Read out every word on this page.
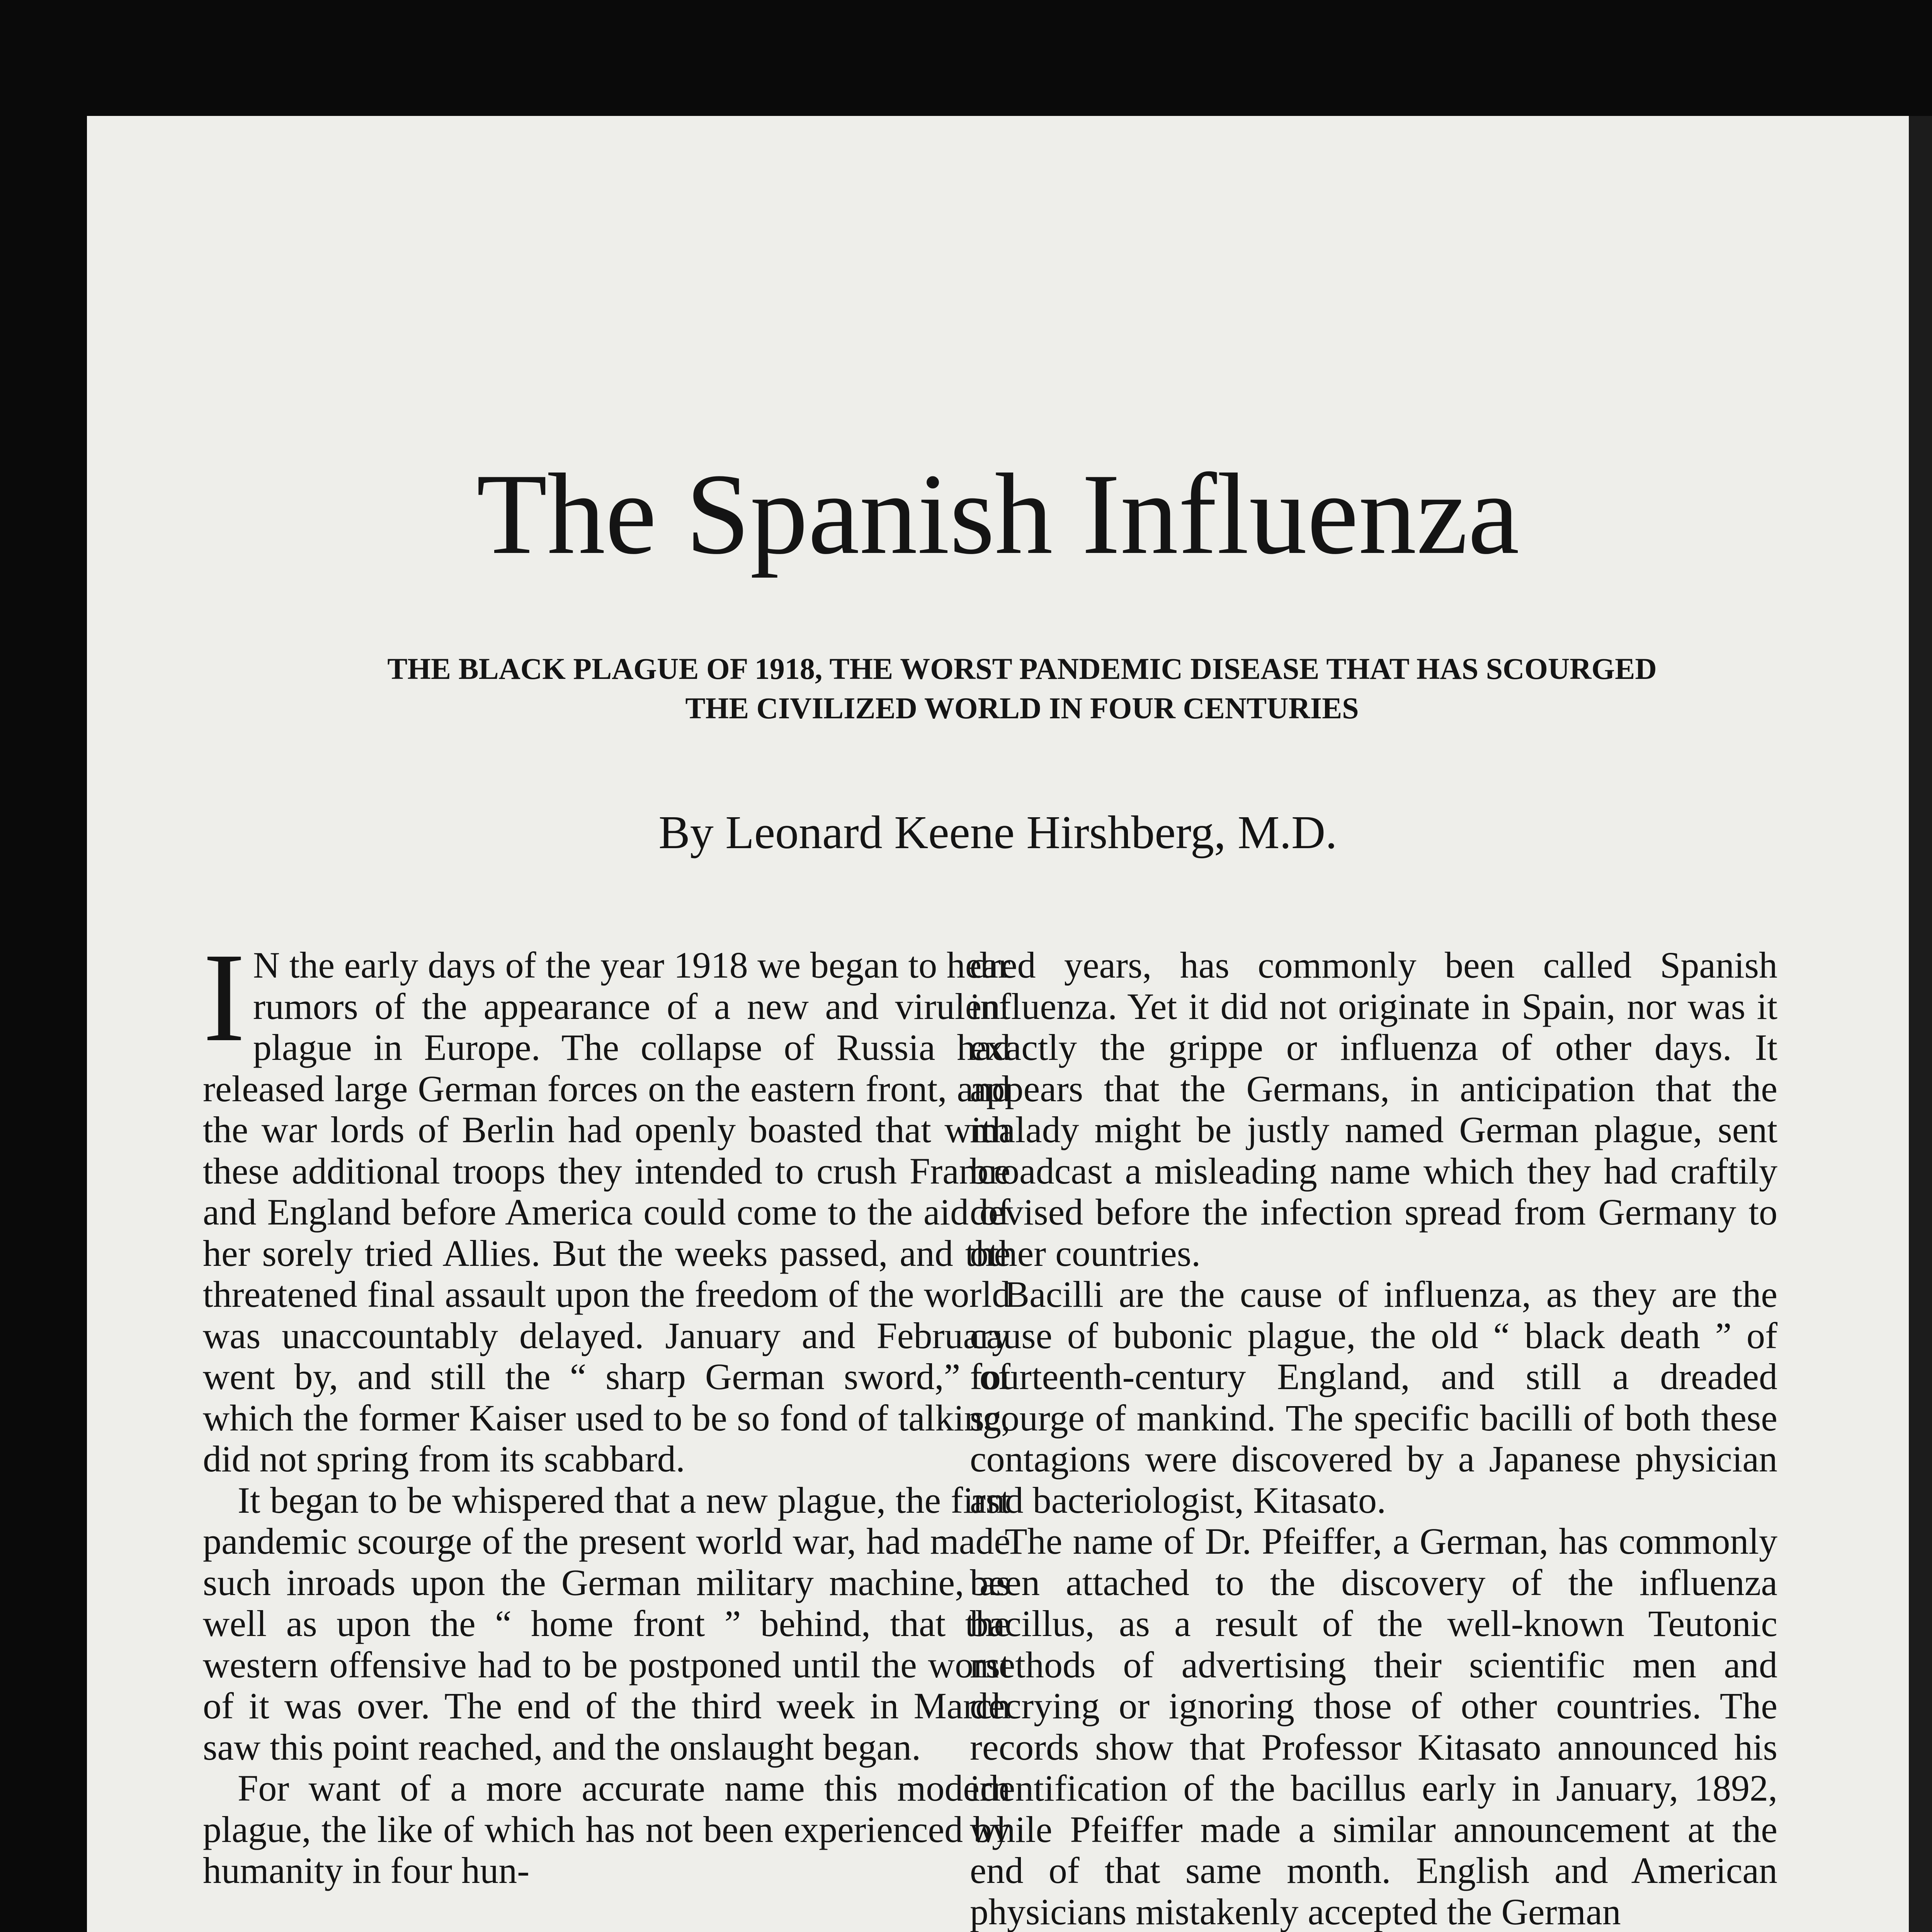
The Spanish Influenza
THE BLACK PLAGUE OF 1918, THE WORST PANDEMIC DISEASE THAT HAS SCOURGED
THE CIVILIZED WORLD IN FOUR CENTURIES
By Leonard Keene Hirshberg, M.D.

I N the early days of the year 1918 we began to hear rumors of the appearance of a new and virulent plague in Europe. The collapse of Russia had released large German forces on the eastern front, and the war lords of Berlin had openly boasted that with these additional troops they intended to crush France and England before America could come to the aid of her sorely tried Allies. But the weeks passed, and the threatened final assault upon the freedom of the world was unaccountably delayed. January and February went by, and still the “ sharp German sword,” of which the former Kaiser used to be so fond of talking, did not spring from its scabbard.

It began to be whispered that a new plague, the first pandemic scourge of the present world war, had made such inroads upon the German military machine, as well as upon the “ home front ” behind, that the western offensive had to be postponed until the worst of it was over. The end of the third week in March saw this point reached, and the onslaught began.

For want of a more accurate name this modern plague, the like of which has not been experienced by humanity in four hun-

dred years, has commonly been called Spanish influenza. Yet it did not originate in Spain, nor was it exactly the grippe or influenza of other days. It appears that the Germans, in anticipation that the malady might be justly named German plague, sent broadcast a misleading name which they had craftily devised before the infection spread from Germany to other countries.

Bacilli are the cause of influenza, as they are the cause of bubonic plague, the old “ black death ” of fourteenth-century England, and still a dreaded scourge of mankind. The specific bacilli of both these contagions were discovered by a Japanese physician and bacteriologist, Kitasato.

The name of Dr. Pfeiffer, a German, has commonly been attached to the discovery of the influenza bacillus, as a result of the well-known Teutonic methods of advertising their scientific men and decrying or ignoring those of other countries. The records show that Professor Kitasato announced his identification of the bacillus early in January, 1892, while Pfeiffer made a similar announcement at the end of that same month. English and American physicians mistakenly accepted the German
